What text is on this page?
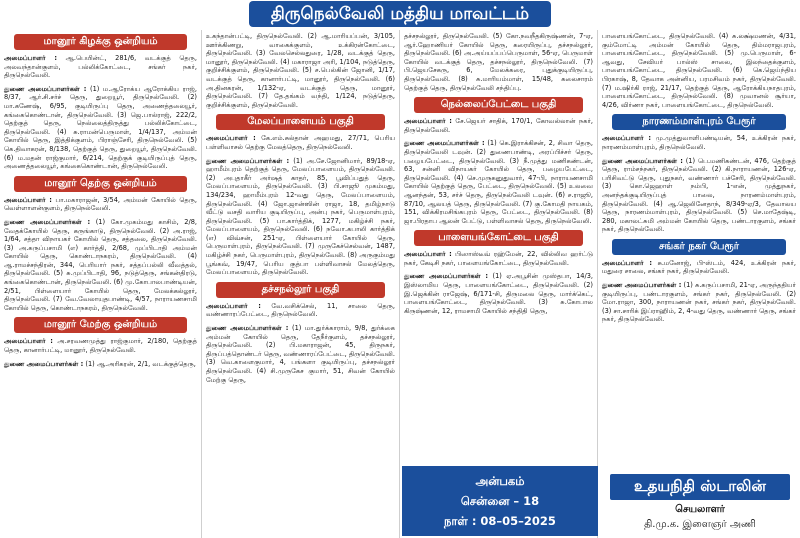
திருநெல்வேலி மத்திய மாவட்டம்
மானூர் கிழக்கு ஒன்றியம்

அமைப்பாளர் : ஆ.பெயின்ட், 281/6, வடக்குத் தெரு, அலவந்தான்குளம், பல்லிக்கோட்டை, சங்கர் நகர், திருநெல்வேலி.

துணை அமைப்பாளர்கள் : (1) ம.ஆரோக்ய ஆரோக்கிய ராஜ், 8/37, ஆர்.சி.சர்ச் தெரு, துறையூர், திருநெல்வேலி. (2) மா.கணேஷ், 6/95, குடியிருப்பு தெரு, அணைத்தலையூர், கங்கைகொண்டான், திருநெல்வேலி. (3) ஜெ.பால்ராஜ், 222/2, தெற்குத் தெரு, நெல்லைத்திருத்து பல்லிக்கோட்டை, திருநெல்வேலி. (4) சு.ராமன்பெருமாள், 1/4/137, அம்மன் கோயில் தெரு, இத்திக்குளம், பிராஞ்சேரி, திருநெல்வேலி. (5) கெ.திவாகரன், 8/138, தெற்குத் தெரு, துறையூர், திருநெல்வேலி. (6) ம.மதன் ராஜ்குமார், 6/214, தெற்குக் குடியிருப்புத் தெரு, அணைத்தலையூர், கங்கைகொண்டான், திருநெல்வேலி.

மானூர் தெற்கு ஒன்றியம்

அமைப்பாளர் : பா.மகாராஜன், 3/54, அம்மன் கோயில் தெரு, வெள்ளாளன்குளம், திருநெல்வேலி.

துணை அமைப்பாளர்கள் : (1) கோ.முகம்மது காசிம், 2/8, வேதக்கோயில் தெரு, கருங்காடு, திருநெல்வேலி. (2) அ.ராஜ், 1/64, சத்தா விநாயகர் கோயில் தெரு, சத்தலை, திருநெல்வேலி. (3) அ.கருப்பசாமி (எ) கார்த்தி, 2/68, முப்பிடாதி அம்மன் கோயில் தெரு, கொண்டாநகரம், திருநெல்வேலி. (4) ஆ.ராமச்சந்திரன், 344, பெரியார் நகர், சத்தப்பல்லி வீவத்தல், திருநெல்வேலி. (5) சு.முப்பிடாதி, 96, நடுத்தெரு, சங்கன்திரடு, கங்கைகொண்டான், திருநெல்வேலி. (6) மு.கோபாலபாண்டியன், 2/51, பிள்ளையார் கோயில் தெரு, மேலக்கல்லூர், திருநெல்வேலி. (7) வே.வேலாயுதபாண்டி, 4/57, நாராயணசாமி கோயில் தெரு, கொண்டாநகரம், திருநெல்வேலி.

மானூர் மேற்கு ஒன்றியம்

அமைப்பாளர் : அ.சரவணமுத்து ராஜ்குமார், 2/180, தெற்குத் தெரு, கானார்பட்டி, மானூர், திருநெல்வேலி.

துணை அமைப்பாளர்கள் : (1) ஆ.அரிகரன், 2/1, வடக்குத்தெரு,

உகந்தான்பட்டி, திருநெல்வேலி. (2) ஆ.மாரியப்பன், 3/105, ஊர்க்கிணறு, வாகைக்குளம், உக்கிரன்கோட்டை, திருநெல்வேலி. (3) வேலசெல்லதுரை, 1/28, வடக்குத் தெரு, மானூர், திருநெல்வேலி. (4) மகாராஜா அரி, 1/104, நடுத்தெரு, குறிச்சிக்குளம், திருநெல்வேலி. (5) ச.பெல்கின் ஜோனி, 1/17, வடக்குத் தெரு, கானார்பட்டி, மானூர், திருநெல்வேலி. (6) அ.தினகரன், 1/132-ஏ, வடக்குத் தெரு, மானூர், திருநெல்வேலி. (7) தே.தங்கம் வந்தி, 1/124, நடுத்தெரு, குறிச்சிக்குளம், திருநெல்வேலி.

மேலப்பாளையம் பகுதி

அமைப்பாளர் : கே.எம்.சுல்தான் அஹமது, 27/71, பெரிய பள்ளிவாசல் தெற்கு மேலத்தெரு, திருநெல்வேலி.

துணை அமைப்பாளர்கள் : (1) அ.சே.ஜோனிமார், 89/18-ஏ, ஹாமீம்புரம் தெற்குத் தெரு, மேலப்பாளையம், திருநெல்வேலி. (2) அபுதாகீர் அர்ஷத் காதர், 85, பூவிப்பதுத் தெரு, மேலப்பாளையம், திருநெல்வேலி. (3) பி.சாஜூ முகம்மது, 134/234, ஹாமீம்புரம் 12-வது தெரு, மேலப்பாளையம், திருநெல்வேலி. (4) ஜோ.ஜான்ஸின் ராஜா, 18, தமிழ்நாடு வீட்டு வசதி வாரிய குடியிருப்பு, அன்பு நகர், பெருமாள்புரம், திருநெல்வேலி. (5) பா.கார்த்திக், 1277, மகிழ்ச்சி நகர், மேலப்பாளையம், திருநெல்வேலி. (6) நவோ.கபாலி கார்த்திக் (எ) விவ்சன், 251-ஏ, பிள்ளையார் கோயில் தெரு, பெருமாள்புரம், திருநெல்வேலி. (7) முருகேச்செல்வன், 1487, மகிழ்ச்சி நகர், பெருமாள்புரம், திருநெல்வேலி. (8) அருகும்மது பூங்கவ், 19/47, பெரிய குத்பா பள்ளிவாசல் மேலத்தெரு, மேலப்பாளையம், திருநெல்வேலி.

தச்சநல்லூர் பகுதி

அமைப்பாளர் : வே.வசிக்செல், 11, சாலை தெரு, வண்ணாரப்பேட்டை, திருநெல்வேலி.

துணை அமைப்பாளர்கள் : (1) மா.துர்க்காராம், 9/8, துர்க்கை அம்மன் கோயில் தெரு, தேநீர்குளம், தச்சநல்லூர், திருநெல்வேலி. (2) பி.மகாராஜன், 45, திருநகர், திருப்பத்தொண்டர் தெரு, வண்ணாரப்பேட்டை, திருநெல்வேலி. (3) வெ.காளைகுமார், 4, பங்களா குடியிருப்பு, தச்சநல்லூர் திருநெல்வேலி. (4) சி.முருகேச குமார், 51, சிவன் கோயில் மேற்கு தெரு,

தச்சநல்லூர், திருநெல்வேலி. (5) கோ.நவநீதகிருஷ்ணன், 7-ஏ, ஆர்.ஹோணியர் கோயில் தெரு, கரையிருப்பு, தச்சநல்லூர், திருநெல்வேலி. (6) அ.அய்யப்பப்பெருமாள், 56-ஏ, பெருமாள் கோயில் வடக்குத் தெரு, தச்சநல்லூர், திருநெல்வேலி. (7) பி.ஜெயசேகரு, 6, மேலக்கரை, புதுக்குடியிருப்பு, திருநெல்வேலி. (8) சு.மாரியம்மாள், 15/48, கலைசாரம் தெற்குத் தெரு, திருநெல்வேலி சந்திப்பு.

நெல்லைப்பேட்டை பகுதி

அமைப்பாளர் : சே.ஜெயர் சாதிக், 170/1, கோவல்லான் நகர், திருநெல்வேலி.

துணை அமைப்பாளர்கள் : (1) கெ.இராக்கிசன், 2, சிவா தெரு, திருநெல்வேலி டவுன். (2) துணைபாண்டி, அரப்பிச்சர் தெரு, பழையபேட்டை, திருநெல்வேலி. (3) நீ.முத்து மணிகண்டன், 63, சன்னி விநாயகர் கோயில் தெரு, பழையபேட்டை, திருநெல்வேலி. (4) செ.முருகனுதுவார், 47-பி, நாராயணசாமி கோயில் தெற்குத் தெரு, பேட்டை, திருநெல்வேலி. (5) உலவை ஆனந்தன், 53, சர்ச் தெரு, திருநெல்வேலி டவுன். (6) ச.ராஜூ, 87/10, ஆலயத் தெரு, திருநெல்வேலி. (7) கு.கோமதி நாயகம், 151, விக்கிரமசிங்கபுரம் தெரு, பேட்டை, திருநெல்வேலி. (8) ஜா.பிரதாப ஆலன் பேட்டு, பள்ளிவாசல் தெரு, திருநெல்வேலி.

பாளையங்கோட்டை பகுதி

அமைப்பாளர் : பிஸாஸ்டீவ் ரஹ்மேன், 22, வில்லிவ ஹர்ட்டு நகர், கேடிசி நகர், பாளையங்கோட்டை, திருநெல்வேலி.

துணை அமைப்பாளர்கள் : (1) ஏ.அபூசின் முஸ்தபா, 14/3, இஸ்லாமிய தெரு, பாளையங்கோட்டை, திருநெல்வேலி. (2) இ.ஜெக்கின் ராஜேஷ், 6/171-சி, திருமலை தெரு, மார்க்கெட், பாளையங்கோட்டை, திருநெல்வேலி. (3) சு.கோபால கிருஷ்ணன், 12, ராமசாமி கோயில் சந்திதி தெரு,

பாளையங்கோட்டை, திருநெல்வேலி. (4) சு.லக்ஷ்மணன், 4/31, கும்மோட்டி அம்மன் கோயில் தெரு, திம்மராஜபுரம், பாளையங்கோட்டை, திருநெல்வேலி. (5) மு.பெருமாள், 6-ஆவது, சேவியர் பால்ஸ் சாலை, இலந்தைக்குளம், பாளையங்கோட்டை, திருநெல்வேலி. (6) கெ.ஜெய்ந்திய பிரகாஷ், 8, தேவாக அன்னிய, பரமசிவம் நகர், திருநெல்வேலி. (7) ம.ஷிர்கி ராஜ், 21/17, தெற்குத் தெரு, ஆரோக்கியநாதபுரம், பாளையங்கோட்டை, திருநெல்வேலி. (8) முவானல் சூர்யா, 4/26, விர்ணா நகர், பாளையங்கோட்டை, திருநெல்வேலி.

நாரணம்மாள்புரம் பேரூர்

அமைப்பாளர் : மு.முத்துவாளிபண்டியன், 54, உக்கிரன் நகர், நாரணம்மாள்புரம், திருநெல்வேலி.

துணை அமைப்பாளர்கள் : (1) பெ.மணிகண்டன், 476, தெற்குத் தெரு, ராம்சந்நகர், திருநெல்வேலி. (2) கி.நாராயணன், 126-ஏ, பரிசிவட்டு தெரு, புதுநகர், வண்ணார் பச்சேரி, திருநெல்வேலி. (3) கொ.ஜெஹாள் நம்பி, 1-என், முத்துநகர், அனந்தக்குடியிருப்புத் பாலை, நாரணம்மாள்புரம், திருநெல்வேலி. (4) ஆ.ஜெலினேதாந், 8/349-ஏ/3, தேவாலய தெரு, நாரணம்மாள்புரம், திருநெல்வேலி. (5) செ.மாதேஷ்டி, 280, மகாலட்சுமி அம்மன் கோயில் தெரு, பண்டாரகுளம், சங்கர் நகர், திருநெல்வேலி.

சங்கர் நகர் பேரூர்

அமைப்பாளர் : சு.மனோஜ், பி-ஸ்டம், 424, உக்கிரன் நகர், மதுரை சாலை, சங்கர் நகர், திருநெல்வேலி.

துணை அமைப்பாளர்கள் : (1) சு.கருப்பசாமி, 21-ஏ, அருந்ததியர் குடியிருப்பு, பண்டாரகுளம், சங்கர் நகர், திருநெல்வேலி. (2) மோ.ராஜா, 300, நாராயணன் நகர், சங்கர் நகர், திருநெல்வேலி. (3) சா.சாரிக் இப்ராஹிம், 2, 4-வது தெரு, வண்ணார் தெரு, சங்கர் நகர், திருநெல்வேலி.

அன்பகம்
சென்னை – 18
நாள் : 08–05–2025
உதயநிதி ஸ்டாலின்
செயலாளர்
தி.மு.க. இளைஞர் அணி
